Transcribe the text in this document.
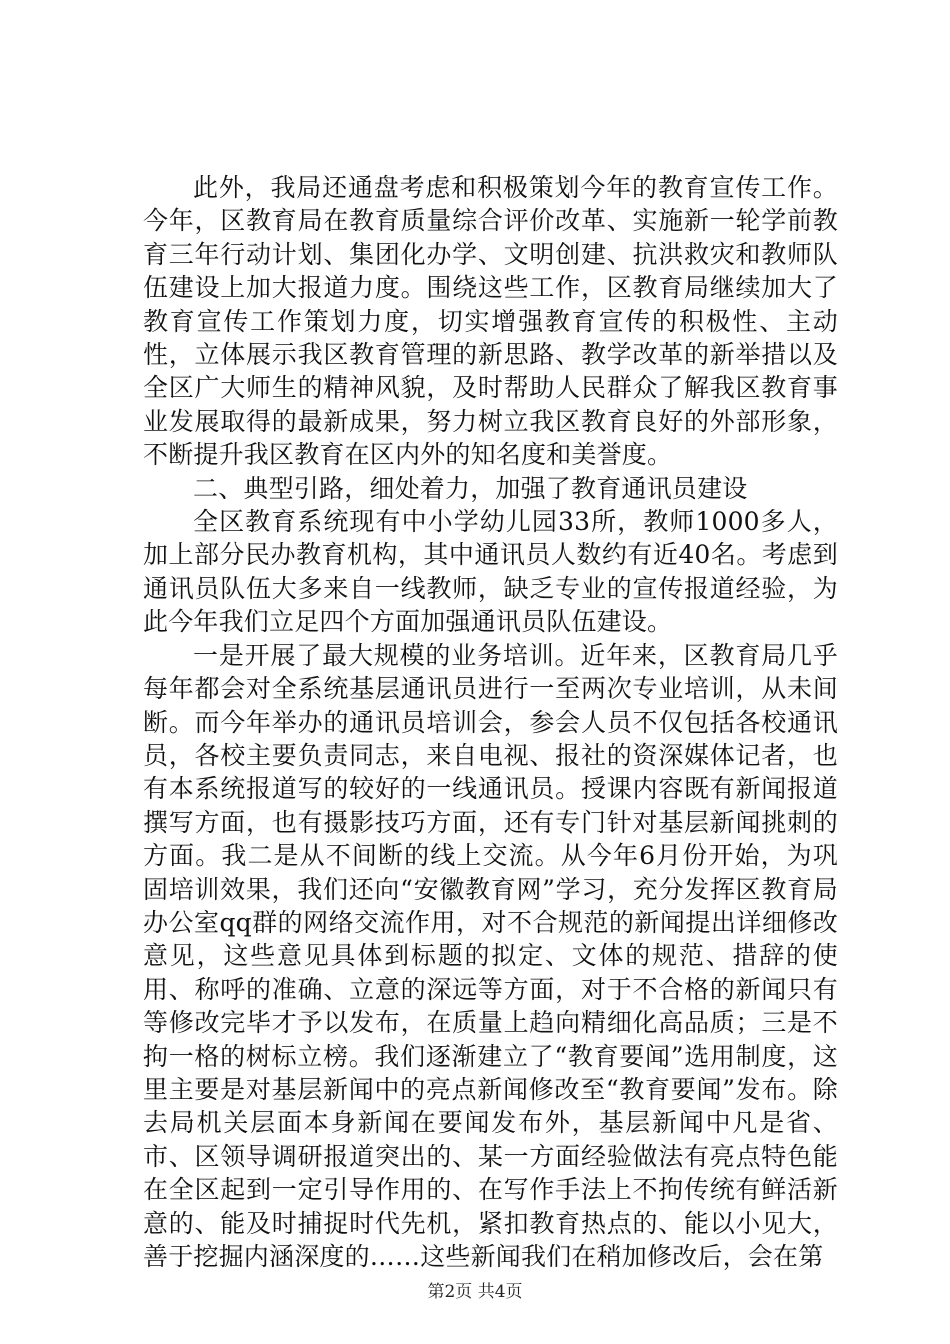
此外，我局还通盘考虑和积极策划今年的教育宣传工作。今年，区教育局在教育质量综合评价改革、实施新一轮学前教育三年行动计划、集团化办学、文明创建、抗洪救灾和教师队伍建设上加大报道力度。围绕这些工作，区教育局继续加大了教育宣传工作策划力度，切实增强教育宣传的积极性、主动性，立体展示我区教育管理的新思路、教学改革的新举措以及全区广大师生的精神风貌，及时帮助人民群众了解我区教育事业发展取得的最新成果，努力树立我区教育良好的外部形象，不断提升我区教育在区内外的知名度和美誉度。

二、典型引路，细处着力，加强了教育通讯员建设

全区教育系统现有中小学幼儿园33所，教师1000多人，加上部分民办教育机构，其中通讯员人数约有近40名。考虑到通讯员队伍大多来自一线教师，缺乏专业的宣传报道经验，为此今年我们立足四个方面加强通讯员队伍建设。

一是开展了最大规模的业务培训。近年来，区教育局几乎每年都会对全系统基层通讯员进行一至两次专业培训，从未间断。而今年举办的通讯员培训会，参会人员不仅包括各校通讯员，各校主要负责同志，来自电视、报社的资深媒体记者，也有本系统报道写的较好的一线通讯员。授课内容既有新闻报道撰写方面，也有摄影技巧方面，还有专门针对基层新闻挑刺的方面。我二是从不间断的线上交流。从今年6月份开始，为巩固培训效果，我们还向“安徽教育网”学习，充分发挥区教育局办公室qq群的网络交流作用，对不合规范的新闻提出详细修改意见，这些意见具体到标题的拟定、文体的规范、措辞的使用、称呼的准确、立意的深远等方面，对于不合格的新闻只有等修改完毕才予以发布，在质量上趋向精细化高品质；三是不拘一格的树标立榜。我们逐渐建立了“教育要闻”选用制度，这里主要是对基层新闻中的亮点新闻修改至“教育要闻”发布。除去局机关层面本身新闻在要闻发布外，基层新闻中凡是省、市、区领导调研报道突出的、某一方面经验做法有亮点特色能在全区起到一定引导作用的、在写作手法上不拘传统有鲜活新意的、能及时捕捉时代先机，紧扣教育热点的、能以小见大，善于挖掘内涵深度的……这些新闻我们在稍加修改后，会在第

第2页 共4页
